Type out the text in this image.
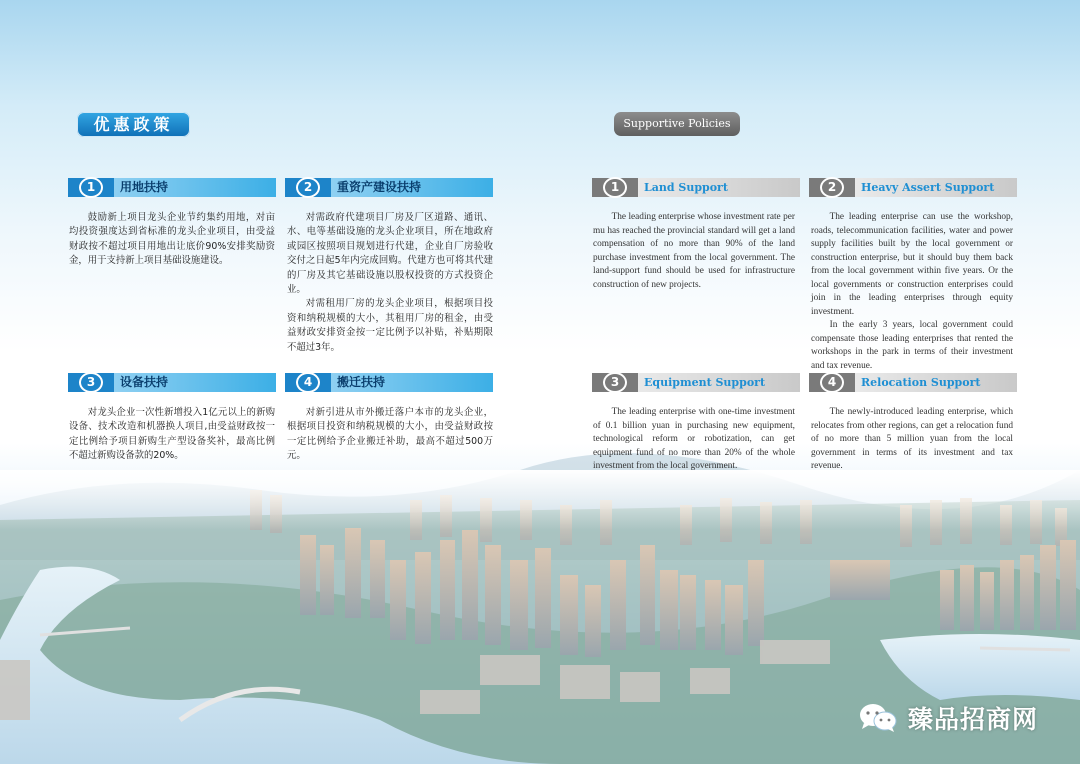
优惠政策	Supportive Policies
1	用地扶持

鼓励新上项目龙头企业节约集约用地，对亩均投资强度达到省标准的龙头企业项目，由受益财政按不超过项目用地出让底价90%安排奖励资金，用于支持新上项目基础设施建设。

2	重资产建设扶持

对需政府代建项目厂房及厂区道路、通讯、水、电等基础设施的龙头企业项目，所在地政府或园区按照项目规划进行代建，企业自厂房验收交付之日起5年内完成回购。代建方也可将其代建的厂房及其它基础设施以股权投资的方式投资企业。

对需租用厂房的龙头企业项目，根据项目投资和纳税规模的大小，其租用厂房的租金，由受益财政安排资金按一定比例予以补贴，补贴期限不超过3年。

3	设备扶持

对龙头企业一次性新增投入1亿元以上的新购设备、技术改造和机器换人项目,由受益财政按一定比例给予项目新购生产型设备奖补，最高比例不超过新购设备款的20%。

4	搬迁扶持

对新引进从市外搬迁落户本市的龙头企业，根据项目投资和纳税规模的大小，由受益财政按一定比例给予企业搬迁补助，最高不超过500万元。

1	Land Support

The leading enterprise whose investment rate per mu has reached the provincial standard will get a land compensation of no more than 90% of the land purchase investment from the local government. The land-support fund should be used for infrastructure construction of new projects.

2	Heavy Assert Support

The leading enterprise can use the workshop, roads, telecommunication facilities, water and power supply facilities built by the local government or construction enterprise, but it should buy them back from the local government within five years. Or the local governments or construction enterprises could join in the leading enterprises through equity investment.

In the early 3 years, local government could compensate those leading enterprises that rented the workshops in the park in terms of their investment and tax revenue.

3	Equipment Support

The leading enterprise with one-time investment of 0.1 billion yuan in purchasing new equipment, technological reform or robotization, can get equipment fund of no more than 20% of the whole investment from the local government.

4	Relocation Support

The newly-introduced leading enterprise, which relocates from other regions, can get a relocation fund of no more than 5 million yuan from the local government in terms of its investment and tax revenue.

臻品招商网
